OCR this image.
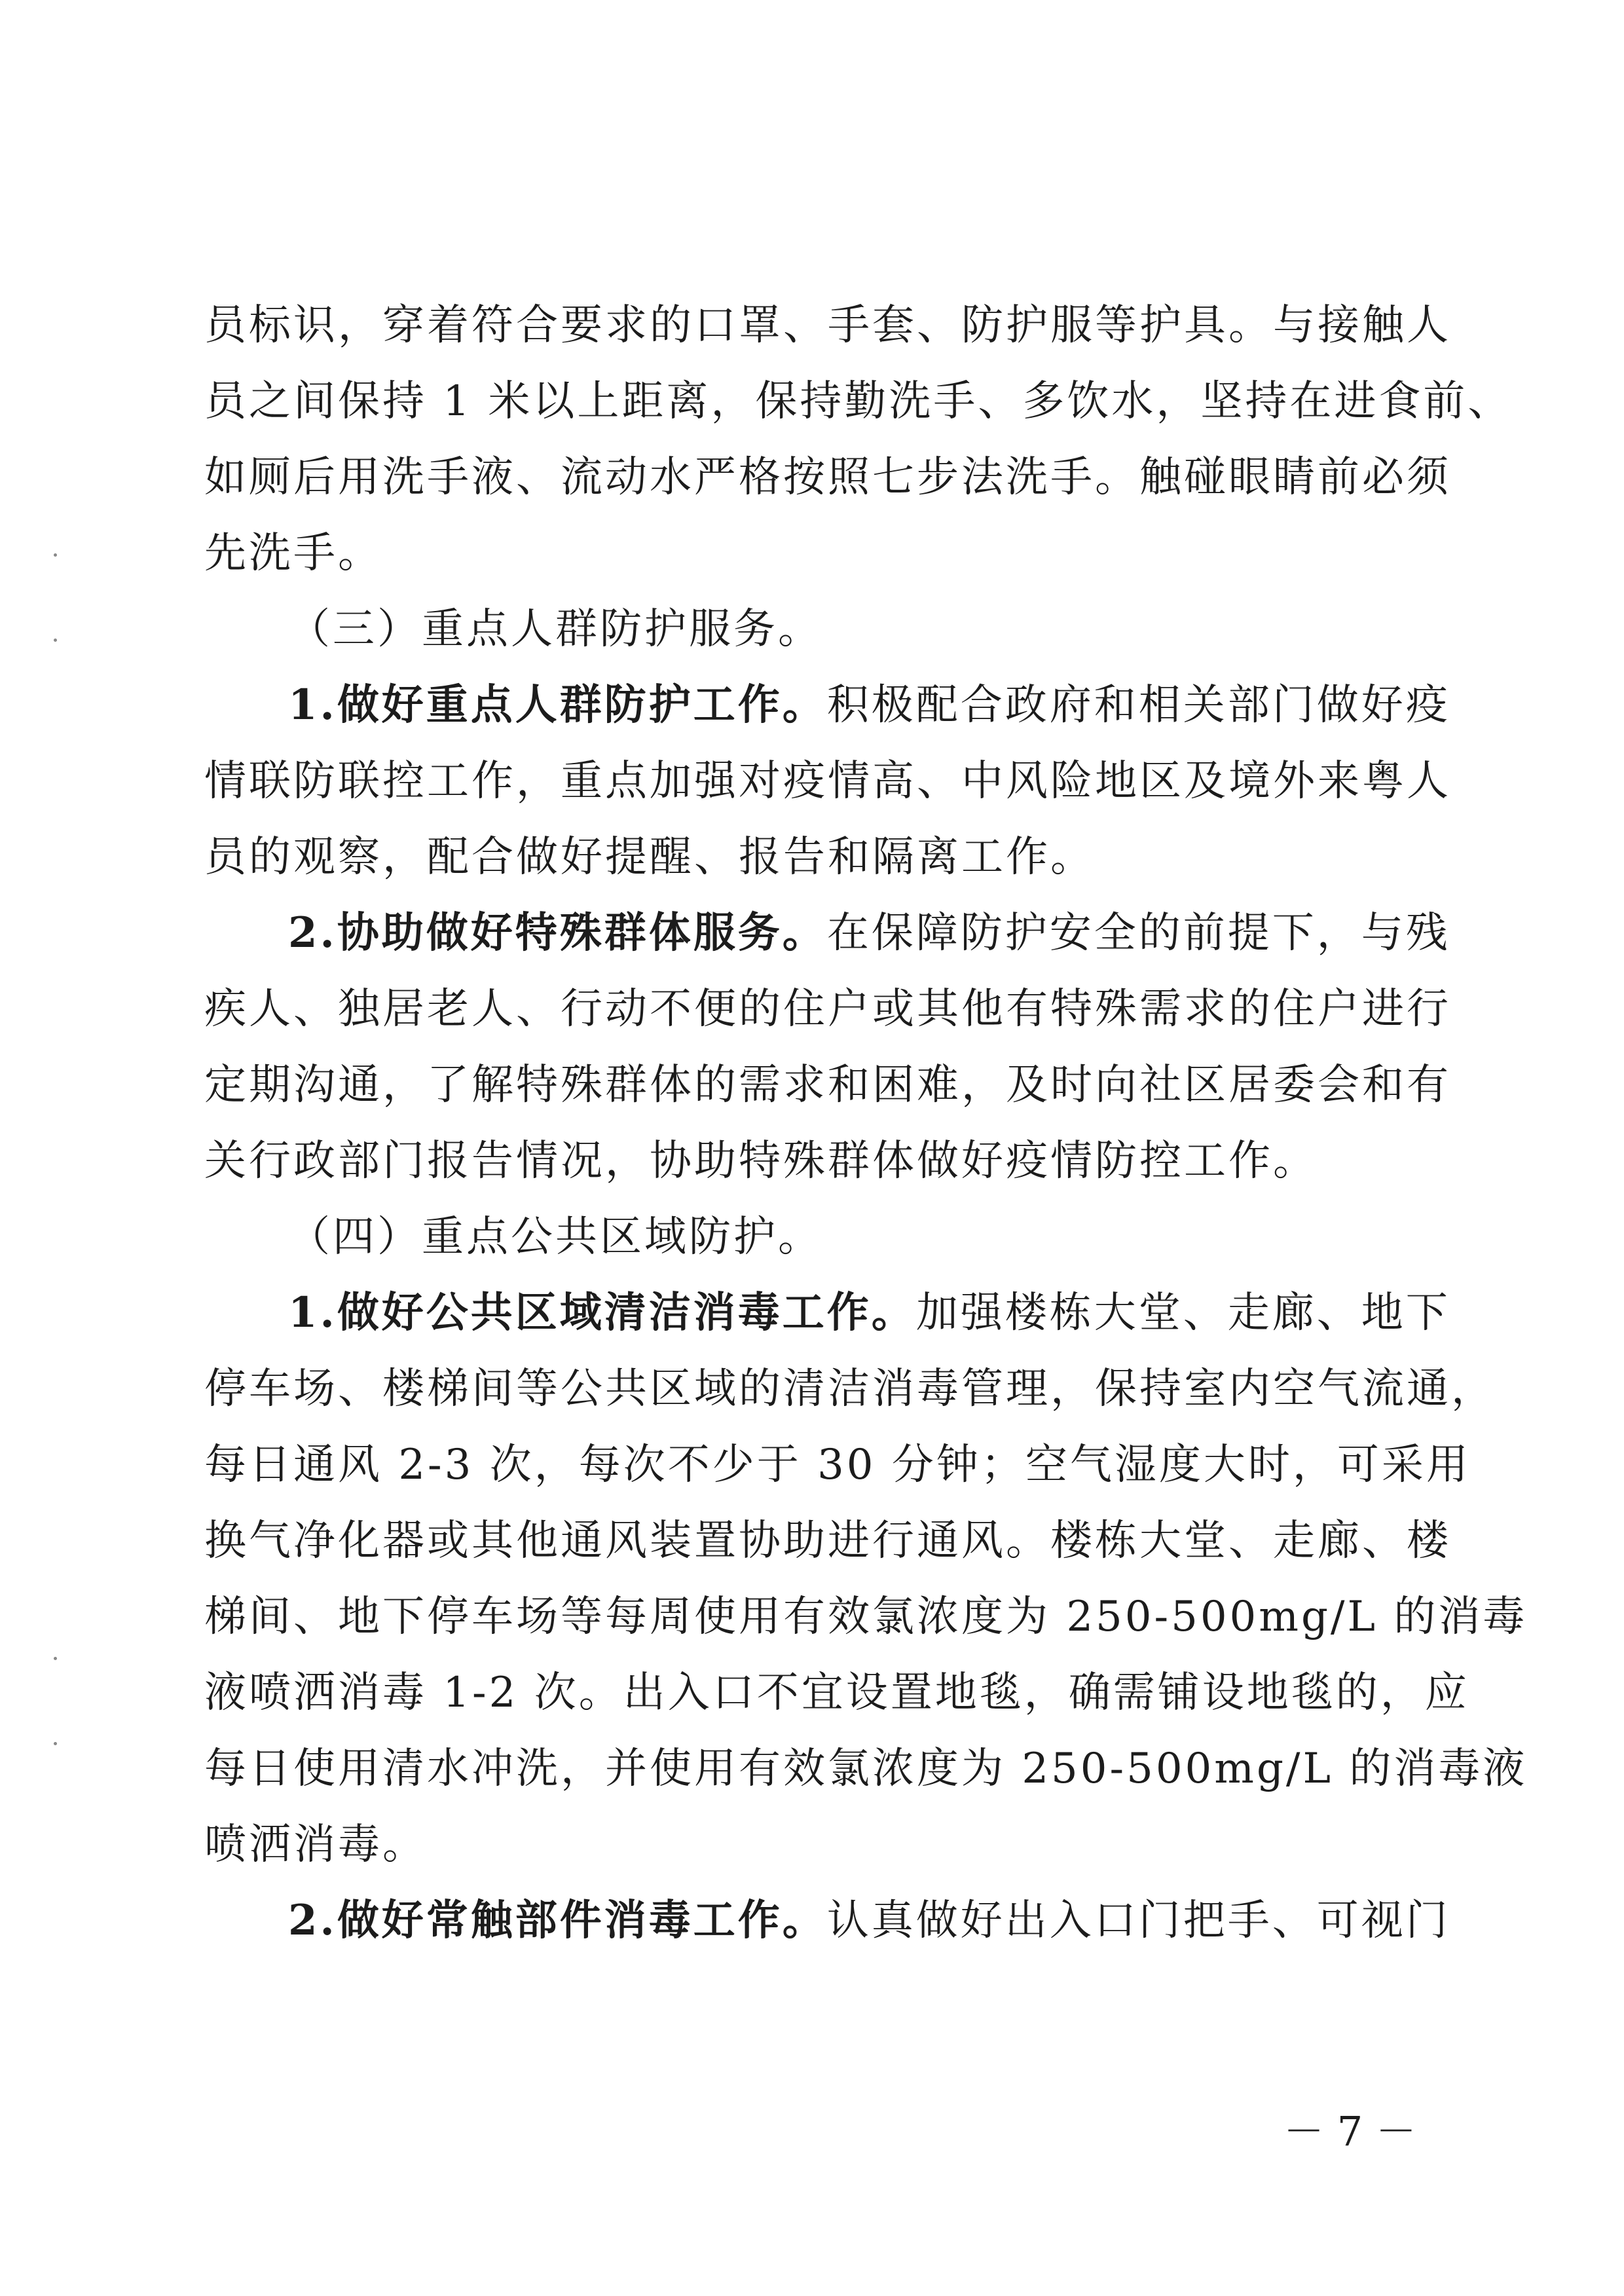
员标识，穿着符合要求的口罩、手套、防护服等护具。与接触人

员之间保持 1 米以上距离，保持勤洗手、多饮水，坚持在进食前、

如厕后用洗手液、流动水严格按照七步法洗手。触碰眼睛前必须

先洗手。

（三）重点人群防护服务。

1.做好重点人群防护工作。积极配合政府和相关部门做好疫

情联防联控工作，重点加强对疫情高、中风险地区及境外来粤人

员的观察，配合做好提醒、报告和隔离工作。

2.协助做好特殊群体服务。在保障防护安全的前提下，与残

疾人、独居老人、行动不便的住户或其他有特殊需求的住户进行

定期沟通，了解特殊群体的需求和困难，及时向社区居委会和有

关行政部门报告情况，协助特殊群体做好疫情防控工作。

（四）重点公共区域防护。

1.做好公共区域清洁消毒工作。加强楼栋大堂、走廊、地下

停车场、楼梯间等公共区域的清洁消毒管理，保持室内空气流通，

每日通风 2-3 次，每次不少于 30 分钟；空气湿度大时，可采用

换气净化器或其他通风装置协助进行通风。楼栋大堂、走廊、楼

梯间、地下停车场等每周使用有效氯浓度为 250-500mg/L 的消毒

液喷洒消毒 1-2 次。出入口不宜设置地毯，确需铺设地毯的，应

每日使用清水冲洗，并使用有效氯浓度为 250-500mg/L 的消毒液

喷洒消毒。

2.做好常触部件消毒工作。认真做好出入口门把手、可视门

－ 7 －
